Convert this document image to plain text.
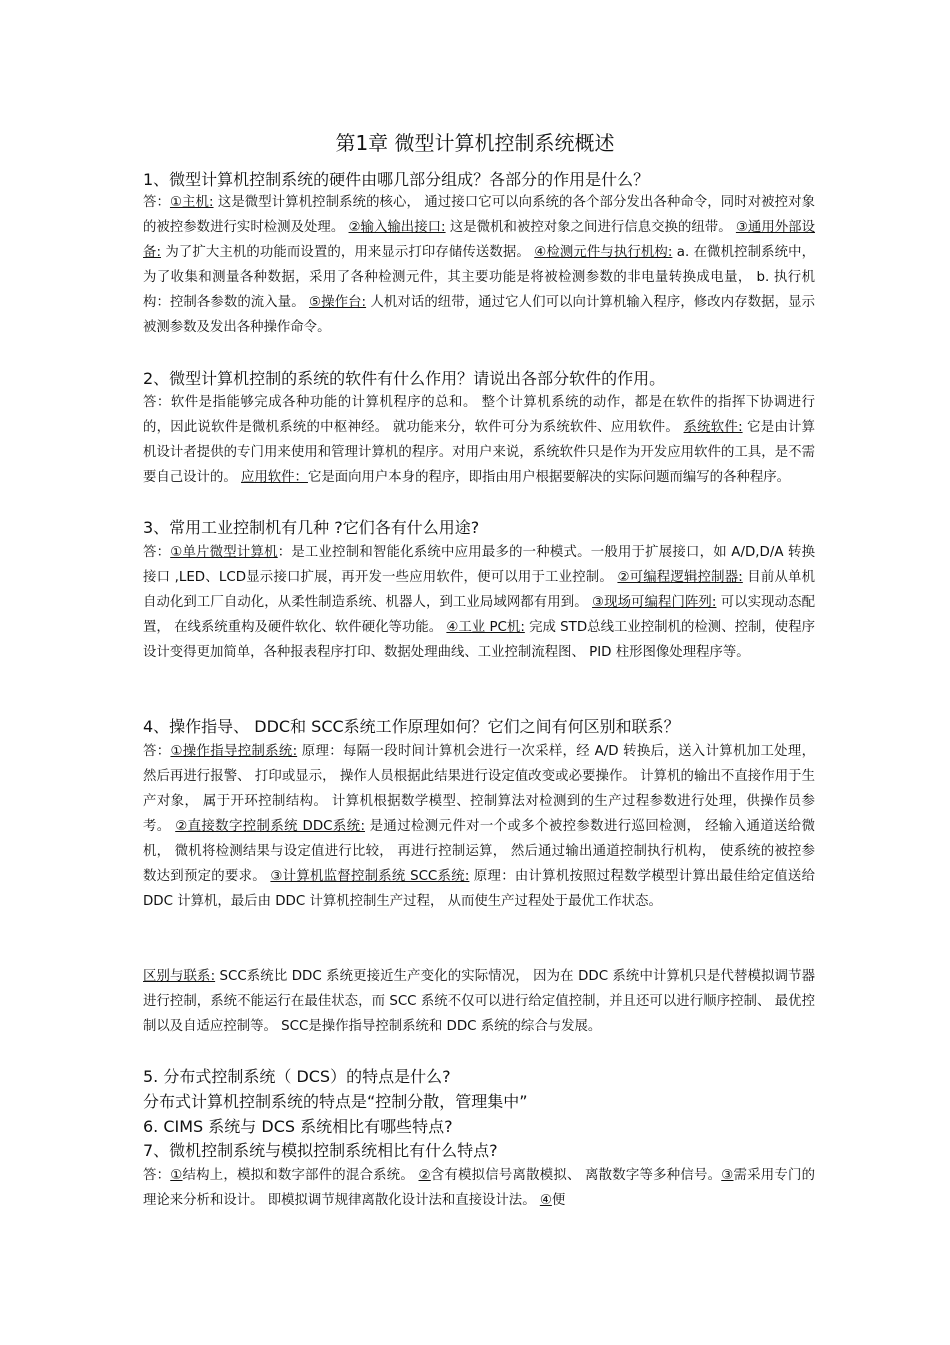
第1章 微型计算机控制系统概述
1、微型计算机控制系统的硬件由哪几部分组成？各部分的作用是什么？
答：①主机: 这是微型计算机控制系统的核心， 通过接口它可以向系统的各个部分发出各种命令，同时对被控对象的被控参数进行实时检测及处理。 ②输入输出接口: 这是微机和被控对象之间进行信息交换的纽带。 ③通用外部设备: 为了扩大主机的功能而设置的，用来显示打印存储传送数据。 ④检测元件与执行机构: a. 在微机控制系统中，为了收集和测量各种数据，采用了各种检测元件，其主要功能是将被检测参数的非电量转换成电量， b. 执行机构：控制各参数的流入量。 ⑤操作台: 人机对话的纽带，通过它人们可以向计算机输入程序，修改内存数据，显示被测参数及发出各种操作命令。
2、微型计算机控制的系统的软件有什么作用？请说出各部分软件的作用。
答：软件是指能够完成各种功能的计算机程序的总和。 整个计算机系统的动作，都是在软件的指挥下协调进行的，因此说软件是微机系统的中枢神经。 就功能来分，软件可分为系统软件、应用软件。 系统软件: 它是由计算机设计者提供的专门用来使用和管理计算机的程序。对用户来说，系统软件只是作为开发应用软件的工具，是不需要自己设计的。 应用软件：它是面向用户本身的程序，即指由用户根据要解决的实际问题而编写的各种程序。
3、常用工业控制机有几种 ?它们各有什么用途?
答：①单片微型计算机：是工业控制和智能化系统中应用最多的一种模式。一般用于扩展接口，如 A/D,D/A 转换接口 ,LED、LCD显示接口扩展，再开发一些应用软件，便可以用于工业控制。 ②可编程逻辑控制器: 目前从单机自动化到工厂自动化，从柔性制造系统、机器人，到工业局域网都有用到。 ③现场可编程门阵列: 可以实现动态配置， 在线系统重构及硬件软化、软件硬化等功能。 ④工业 PC机: 完成 STD总线工业控制机的检测、控制，使程序设计变得更加简单，各种报表程序打印、数据处理曲线、工业控制流程图、 PID 柱形图像处理程序等。
4、操作指导、 DDC和 SCC系统工作原理如何？它们之间有何区别和联系？
答：①操作指导控制系统: 原理：每隔一段时间计算机会进行一次采样，经 A/D 转换后，送入计算机加工处理， 然后再进行报警、 打印或显示， 操作人员根据此结果进行设定值改变或必要操作。 计算机的输出不直接作用于生产对象， 属于开环控制结构。 计算机根据数学模型、控制算法对检测到的生产过程参数进行处理，供操作员参考。 ②直接数字控制系统 DDC系统: 是通过检测元件对一个或多个被控参数进行巡回检测， 经输入通道送给微机， 微机将检测结果与设定值进行比较， 再进行控制运算， 然后通过输出通道控制执行机构， 使系统的被控参数达到预定的要求。 ③计算机监督控制系统 SCC系统: 原理：由计算机按照过程数学模型计算出最佳给定值送给 DDC 计算机，最后由 DDC 计算机控制生产过程， 从而使生产过程处于最优工作状态。
区别与联系: SCC系统比 DDC 系统更接近生产变化的实际情况， 因为在 DDC 系统中计算机只是代替模拟调节器进行控制，系统不能运行在最佳状态，而 SCC 系统不仅可以进行给定值控制，并且还可以进行顺序控制、 最优控制以及自适应控制等。 SCC是操作指导控制系统和 DDC 系统的综合与发展。
5. 分布式控制系统（ DCS）的特点是什么?
分布式计算机控制系统的特点是“控制分散，管理集中”
6. CIMS 系统与 DCS 系统相比有哪些特点?
7、微机控制系统与模拟控制系统相比有什么特点?
答：①结构上，模拟和数字部件的混合系统。 ②含有模拟信号离散模拟、 离散数字等多种信号。③需采用专门的理论来分析和设计。 即模拟调节规律离散化设计法和直接设计法。 ④便
